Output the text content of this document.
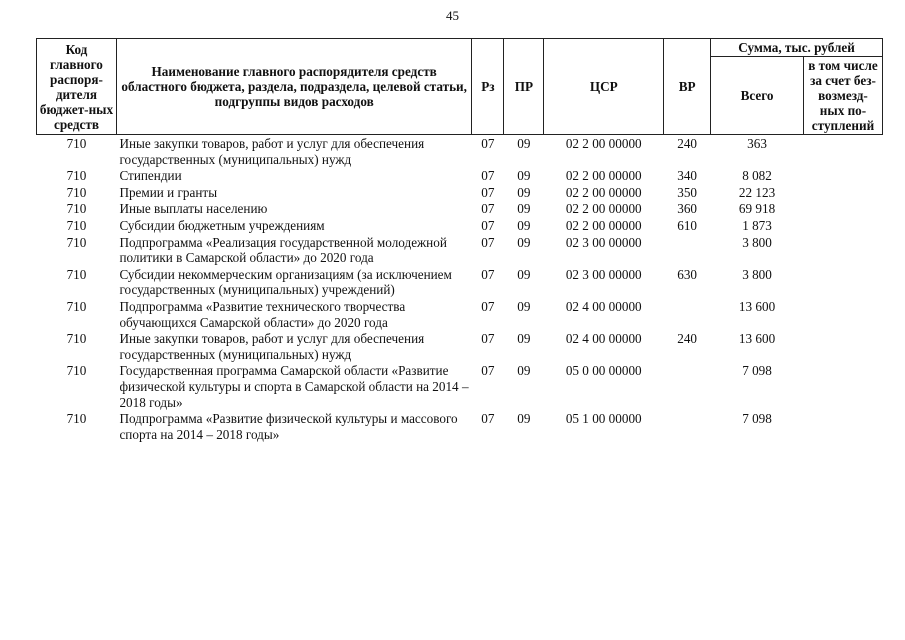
45
Код главного распоря-дителя бюджет-ных средств	Наименование главного распорядителя средств областного бюджета, раздела, подраздела, целевой статьи, подгруппы видов расходов	Рз	ПР	ЦСР	ВР	Сумма, тыс. рублей	
						Всего	в том числе за счет без-возмезд-ных по-ступлений
710	Иные закупки товаров, работ и услуг для обеспечения государственных (муниципальных) нужд	07	09	02 2 00 00000	240	363	
710	Стипендии	07	09	02 2 00 00000	340	8 082	
710	Премии и гранты	07	09	02 2 00 00000	350	22 123	
710	Иные выплаты населению	07	09	02 2 00 00000	360	69 918	
710	Субсидии бюджетным учреждениям	07	09	02 2 00 00000	610	1 873	
710	Подпрограмма «Реализация государственной молодежной политики в Самарской области» до 2020 года	07	09	02 3 00 00000		3 800	
710	Субсидии некоммерческим организациям (за исключением государственных (муниципальных) учреждений)	07	09	02 3 00 00000	630	3 800	
710	Подпрограмма «Развитие технического творчества обучающихся Самарской области» до 2020 года	07	09	02 4 00 00000		13 600	
710	Иные закупки товаров, работ и услуг для обеспечения государственных (муниципальных) нужд	07	09	02 4 00 00000	240	13 600	
710	Государственная программа Самарской области «Развитие физической культуры и спорта в Самарской области на 2014 – 2018 годы»	07	09	05 0 00 00000		7 098	
710	Подпрограмма «Развитие физической культуры и массового спорта на 2014 – 2018 годы»	07	09	05 1 00 00000		7 098	
